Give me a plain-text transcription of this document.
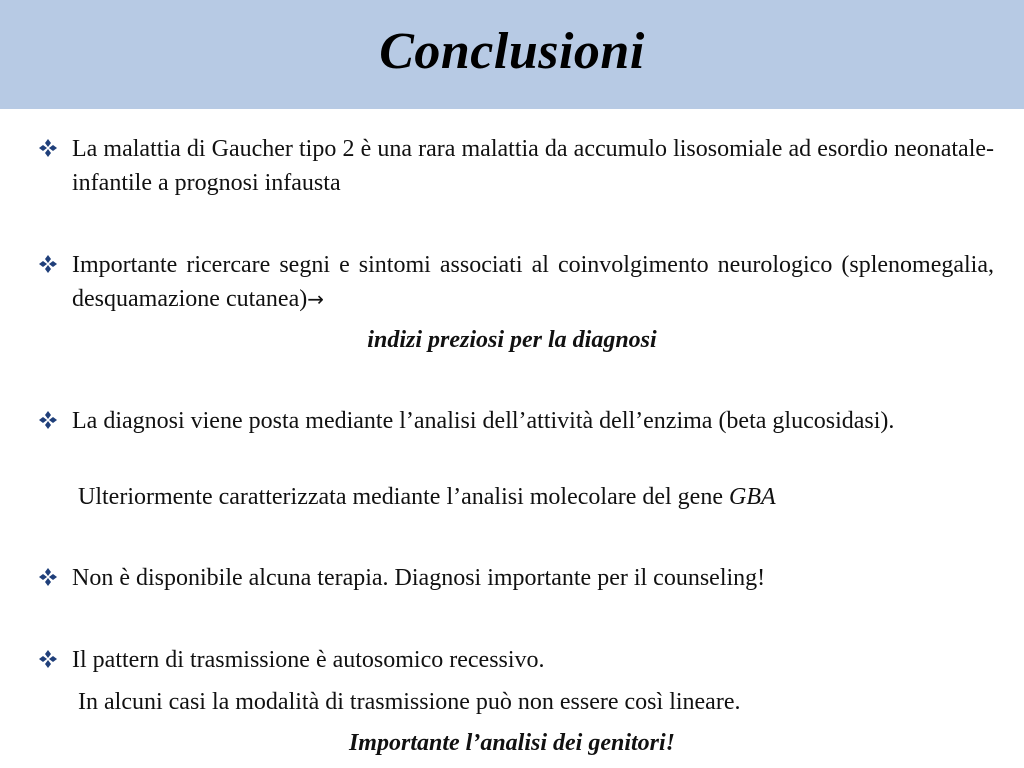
Conclusioni

La malattia di Gaucher tipo 2 è una rara malattia da accumulo lisosomiale ad esordio neonatale-infantile a prognosi infausta

Importante ricercare segni e sintomi associati al coinvolgimento neurologico (splenomegalia, desquamazione cutanea)→

indizi preziosi per la diagnosi

La diagnosi viene posta mediante l’analisi dell’attività dell’enzima (beta glucosidasi).

Ulteriormente caratterizzata mediante l’analisi molecolare del gene GBA

Non è disponibile alcuna terapia. Diagnosi importante per il counseling!

Il pattern di trasmissione è autosomico recessivo.

In alcuni casi la modalità di trasmissione può non essere così lineare.
Importante l’analisi dei genitori!
